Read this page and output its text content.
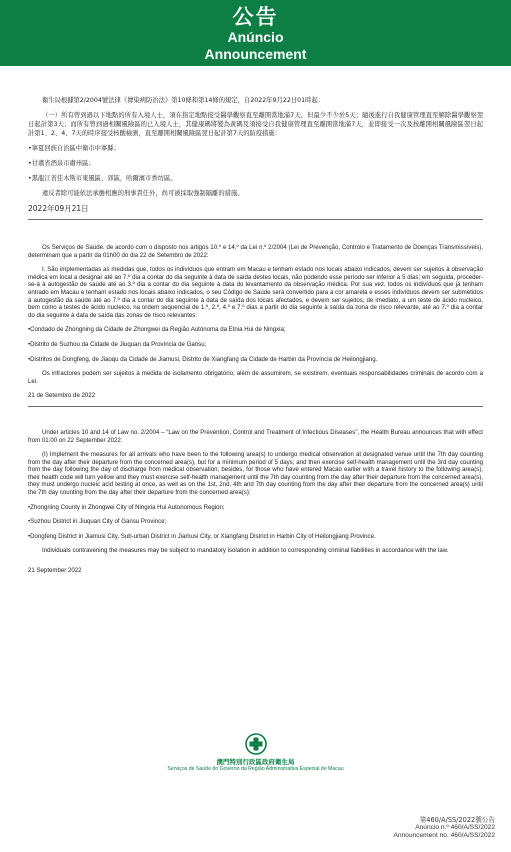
公告
Anúncio
Announcement

衛生局根據第2/2004號法律《傳染病防治法》第10條和第14條的規定，自2022年9月22日01時起：

（一）所有曾到過以下地點的所有入境人士，須在指定地點接受醫學觀察直至離開當地滿7天，但最少不少於5天；隨後進行自我健康管理直至解除醫學觀察翌日起計第3天；而所有曾到過相關風險區的已入境人士，其健康碼將變為黃碼及須接受自我健康管理直至離開當地滿7天，並即接受一次及按離開相關風險區翌日起計第1、2、4、7天的時序接受核酸檢測，直至離開相關風險區翌日起計第7天的防疫措施：

•寧夏回族自治區中衛市中寧縣；

•甘肅省酒泉市肅州區；

•黑龍江省佳木斯市東風區、郊區，哈爾濱市香坊區。

違反者除可能依法承擔相應的刑事責任外，尚可被採取強制隔離的措施。

2022年09月21日

Os Serviços de Saúde, de acordo com o disposto nos artigos 10.º e 14.º da Lei n.º 2/2004 (Lei de Prevenção, Controlo e Tratamento de Doenças Transmissíveis), determinam que a partir da 01h00 do dia 22 de Setembro de 2022:

I. São implementadas as medidas que, todos os indivíduos que entram em Macau e tenham estado nos locais abaixo indicados, devem ser sujeitos à observação médica em local a designar até ao 7.º dia a contar do dia seguinte à data de saída destes locais, não podendo esse período ser inferior a 5 dias; em seguida, proceder-se-á à autogestão de saúde até ao 3.º dia a contar do dia seguinte à data do levantamento da observação médica. Por sua vez, todos os indivíduos que já tenham entrado em Macau e tenham estado nos locais abaixo indicados, o seu Código de Saúde será convertido para a cor amarela e esses indivíduos devem ser submetidos à autogestão da saúde até ao 7.º dia a contar do dia seguinte à data de saída dos locais afectados, e devem ser sujeitos, de imediato, a um teste de ácido nucleico, bem como a testes de ácido nucleico, na ordem sequencial de 1.º, 2.º, 4.º e 7.º dias a partir do dia seguinte à saída da zona de risco relevante, até ao 7.º dia a contar do dia seguinte à data de saída das zonas de risco relevantes:

•Condado de Zhongning da Cidade de Zhongwei da Região Autónoma da Etnia Hui de Ningxia;

•Distrito de Suzhou da Cidade de Jiuquan da Província de Gansu;

•Distritos de Dongfeng, de Jiaoqu da Cidade de Jiamusi, Distrito de Xiangfang da Cidade de Harbin da Província de Heilongjiang.

Os infractores podem ser sujeitos à medida de isolamento obrigatório, além de assumirem, se existirem, eventuais responsabilidades criminais de acordo com a Lei.

21 de Setembro de 2022

Under articles 10 and 14 of Law no. 2/2004 – “Law on the Prevention, Control and Treatment of Infectious Diseases”, the Health Bureau announces that with effect from 01:00 on 22 September 2022:

(I) Implement the measures for all arrivals who have been to the following area(s) to undergo medical observation at designated venue until the 7th day counting from the day after their departure from the concerned area(s), but for a minimum period of 5 days; and then exercise self-health management until the 3rd day counting from the day following the day of discharge from medical observation; besides, for those who have entered Macao earlier with a travel history to the following area(s), their health code will turn yellow and they must exercise self-health management until the 7th day counting from the day after their departure from the concerned area(s), they must undergo nucleic acid testing at once, as well as on the 1st, 2nd, 4th and 7th day counting from the day after their departure from the concerned area(s) until the 7th day counting from the day after their departure from the concerned area(s):

•Zhongning County in Zhongwei City of Ningxia Hui Autonomous Region;

•Suzhou District in Jiuquan City of Gansu Province;

•Dongfeng District in Jiamusi City, Sub-urban District in Jiamusi City, or Xiangfang District in Harbin City of Heilongjiang Province.

Individuals contravening the measures may be subject to mandatory isolation in addition to corresponding criminal liabilities in accordance with the law.

21 September 2022

澳門特別行政區政府衛生局
Serviços de Saúde do Governo da Região Administrativa Especial de Macau
第460/A/SS/2022號公告
Anúncio n.º 460/A/SS/2022
Announcement no. 460/A/SS/2022
